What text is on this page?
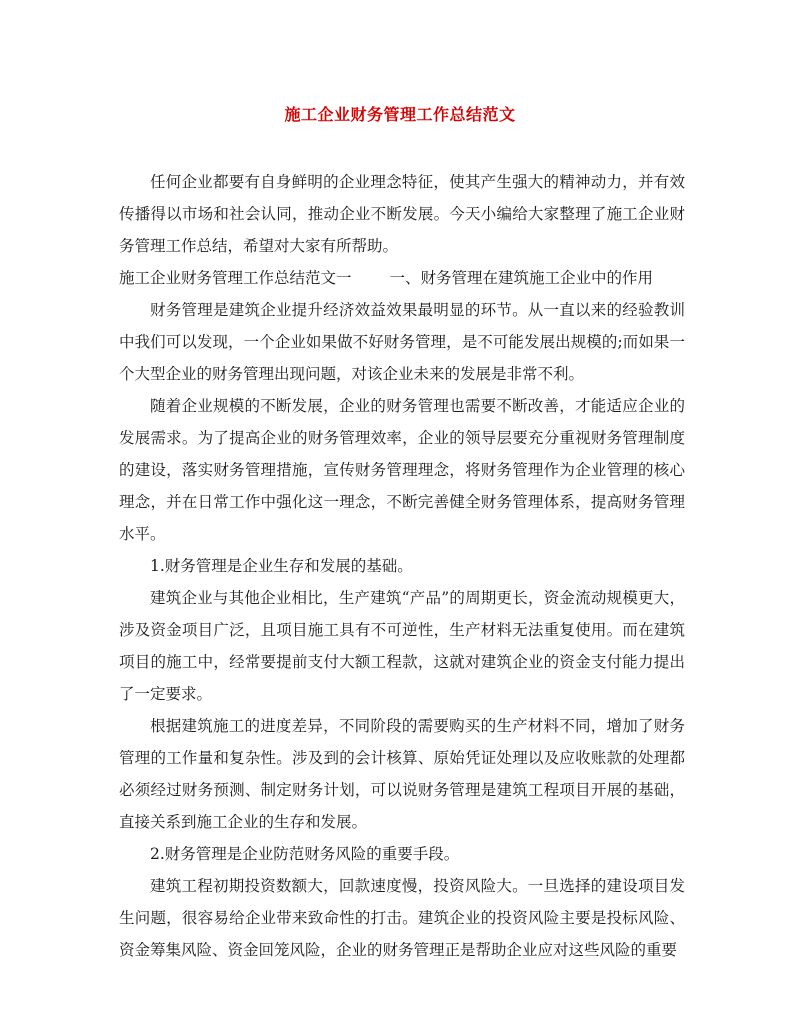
施工企业财务管理工作总结范文

任何企业都要有自身鲜明的企业理念特征，使其产生强大的精神动力，并有效传播得以市场和社会认同，推动企业不断发展。今天小编给大家整理了施工企业财务管理工作总结，希望对大家有所帮助。

施工企业财务管理工作总结范文一 一、财务管理在建筑施工企业中的作用

财务管理是建筑企业提升经济效益效果最明显的环节。从一直以来的经验教训中我们可以发现，一个企业如果做不好财务管理，是不可能发展出规模的;而如果一个大型企业的财务管理出现问题，对该企业未来的发展是非常不利。

随着企业规模的不断发展，企业的财务管理也需要不断改善，才能适应企业的发展需求。为了提高企业的财务管理效率，企业的领导层要充分重视财务管理制度的建设，落实财务管理措施，宣传财务管理理念，将财务管理作为企业管理的核心理念，并在日常工作中强化这一理念，不断完善健全财务管理体系，提高财务管理水平。

1.财务管理是企业生存和发展的基础。

建筑企业与其他企业相比，生产建筑“产品”的周期更长，资金流动规模更大，涉及资金项目广泛，且项目施工具有不可逆性，生产材料无法重复使用。而在建筑项目的施工中，经常要提前支付大额工程款，这就对建筑企业的资金支付能力提出了一定要求。

根据建筑施工的进度差异，不同阶段的需要购买的生产材料不同，增加了财务管理的工作量和复杂性。涉及到的会计核算、原始凭证处理以及应收账款的处理都必须经过财务预测、制定财务计划，可以说财务管理是建筑工程项目开展的基础，直接关系到施工企业的生存和发展。

2.财务管理是企业防范财务风险的重要手段。

建筑工程初期投资数额大，回款速度慢，投资风险大。一旦选择的建设项目发生问题，很容易给企业带来致命性的打击。建筑企业的投资风险主要是投标风险、资金筹集风险、资金回笼风险，企业的财务管理正是帮助企业应对这些风险的重要
